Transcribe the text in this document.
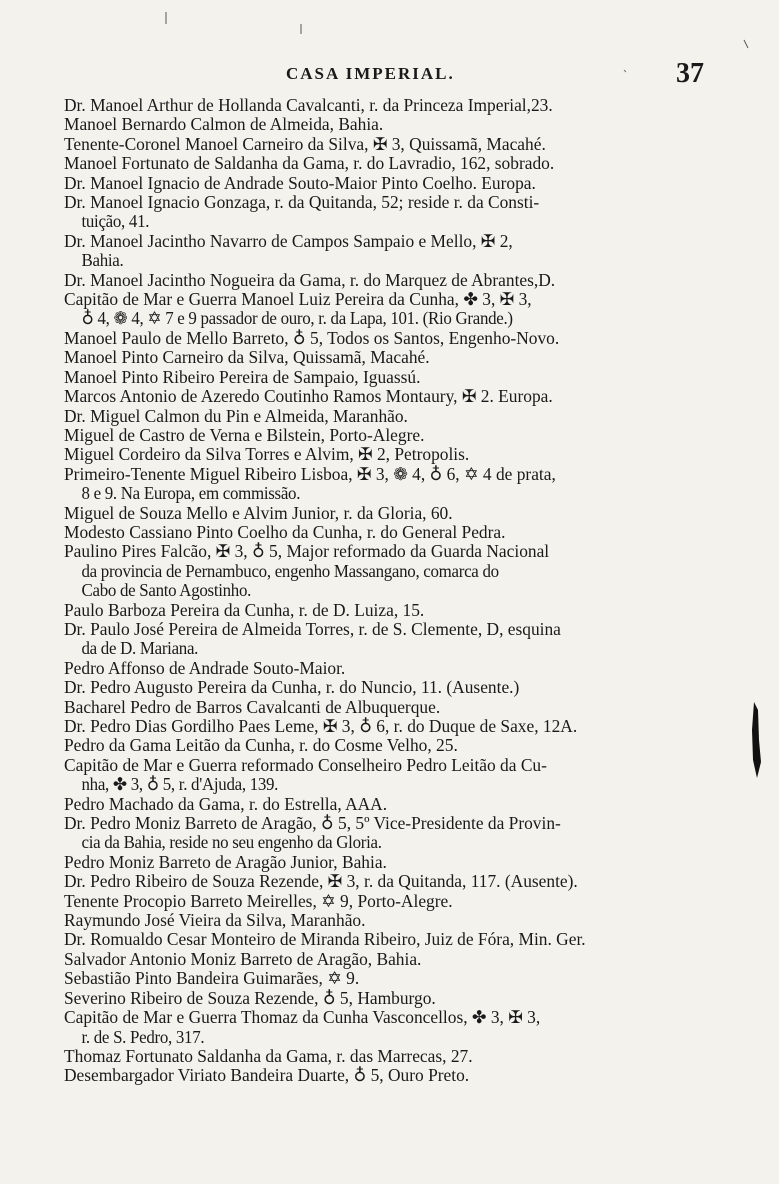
CASA IMPERIAL.	37
Dr. Manoel Arthur de Hollanda Cavalcanti, r. da Princeza Imperial,23.
Manoel Bernardo Calmon de Almeida, Bahia.
Tenente-Coronel Manoel Carneiro da Silva, ✠ 3, Quissamã, Macahé.
Manoel Fortunato de Saldanha da Gama, r. do Lavradio, 162, sobrado.
Dr. Manoel Ignacio de Andrade Souto-Maior Pinto Coelho. Europa.
Dr. Manoel Ignacio Gonzaga, r. da Quitanda, 52; reside r. da Consti-
tuição, 41.
Dr. Manoel Jacintho Navarro de Campos Sampaio e Mello, ✠ 2,
Bahia.
Dr. Manoel Jacintho Nogueira da Gama, r. do Marquez de Abrantes,D.
Capitão de Mar e Guerra Manoel Luiz Pereira da Cunha, ✤ 3, ✠ 3,
♁ 4, ❁ 4, ✡ 7 e 9 passador de ouro, r. da Lapa, 101. (Rio Grande.)
Manoel Paulo de Mello Barreto, ♁ 5, Todos os Santos, Engenho-Novo.
Manoel Pinto Carneiro da Silva, Quissamã, Macahé.
Manoel Pinto Ribeiro Pereira de Sampaio, Iguassú.
Marcos Antonio de Azeredo Coutinho Ramos Montaury, ✠ 2. Europa.
Dr. Miguel Calmon du Pin e Almeida, Maranhão.
Miguel de Castro de Verna e Bilstein, Porto-Alegre.
Miguel Cordeiro da Silva Torres e Alvim, ✠ 2, Petropolis.
Primeiro-Tenente Miguel Ribeiro Lisboa, ✠ 3, ❁ 4, ♁ 6, ✡ 4 de prata,
8 e 9. Na Europa, em commissão.
Miguel de Souza Mello e Alvim Junior, r. da Gloria, 60.
Modesto Cassiano Pinto Coelho da Cunha, r. do General Pedra.
Paulino Pires Falcão, ✠ 3, ♁ 5, Major reformado da Guarda Nacional
da provincia de Pernambuco, engenho Massangano, comarca do
Cabo de Santo Agostinho.
Paulo Barboza Pereira da Cunha, r. de D. Luiza, 15.
Dr. Paulo José Pereira de Almeida Torres, r. de S. Clemente, D, esquina
da de D. Mariana.
Pedro Affonso de Andrade Souto-Maior.
Dr. Pedro Augusto Pereira da Cunha, r. do Nuncio, 11. (Ausente.)
Bacharel Pedro de Barros Cavalcanti de Albuquerque.
Dr. Pedro Dias Gordilho Paes Leme, ✠ 3, ♁ 6, r. do Duque de Saxe, 12A.
Pedro da Gama Leitão da Cunha, r. do Cosme Velho, 25.
Capitão de Mar e Guerra reformado Conselheiro Pedro Leitão da Cu-
nha, ✤ 3, ♁ 5, r. d'Ajuda, 139.
Pedro Machado da Gama, r. do Estrella, AAA.
Dr. Pedro Moniz Barreto de Aragão, ♁ 5, 5º Vice-Presidente da Provin-
cia da Bahia, reside no seu engenho da Gloria.
Pedro Moniz Barreto de Aragão Junior, Bahia.
Dr. Pedro Ribeiro de Souza Rezende, ✠ 3, r. da Quitanda, 117. (Ausente).
Tenente Procopio Barreto Meirelles, ✡ 9, Porto-Alegre.
Raymundo José Vieira da Silva, Maranhão.
Dr. Romualdo Cesar Monteiro de Miranda Ribeiro, Juiz de Fóra, Min. Ger.
Salvador Antonio Moniz Barreto de Aragão, Bahia.
Sebastião Pinto Bandeira Guimarães, ✡ 9.
Severino Ribeiro de Souza Rezende, ♁ 5, Hamburgo.
Capitão de Mar e Guerra Thomaz da Cunha Vasconcellos, ✤ 3, ✠ 3,
r. de S. Pedro, 317.
Thomaz Fortunato Saldanha da Gama, r. das Marrecas, 27.
Desembargador Viriato Bandeira Duarte, ♁ 5, Ouro Preto.
